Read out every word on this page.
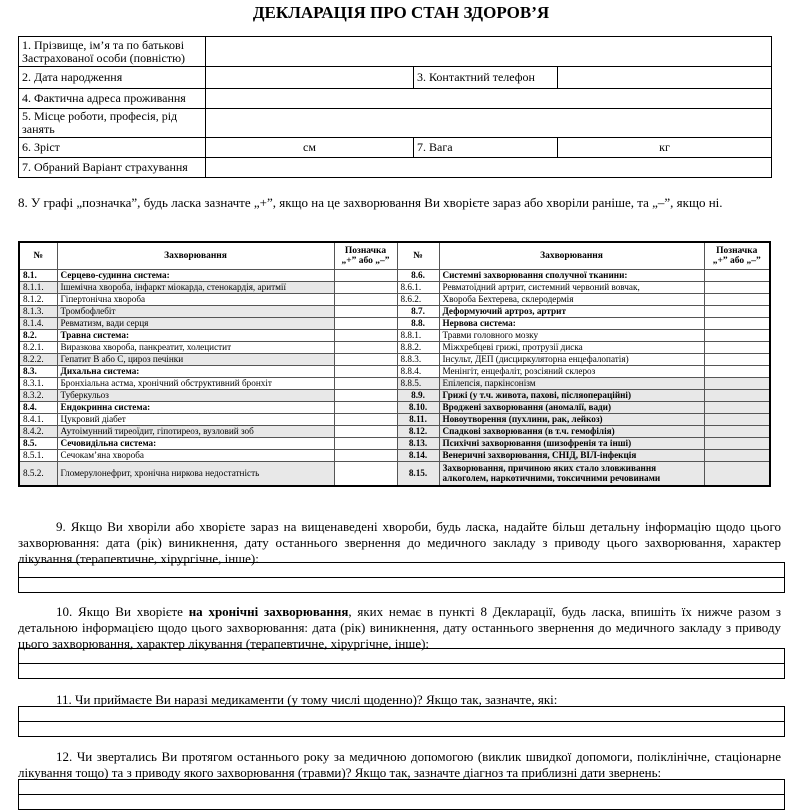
ДЕКЛАРАЦІЯ ПРО СТАН ЗДОРОВ’Я
1. Прізвище, ім’я та по батькові Застрахованої особи (повністю)			
2. Дата народження		3. Контактний телефон	
4. Фактична адреса проживання			
5. Місце роботи, професія, рід занять			
6. Зріст	см	7. Вага	кг
7. Обраний Варіант страхування			
8. У графі „позначка”, будь ласка зазначте „+”, якщо на це захворювання Ви хворієте зараз або хворіли раніше, та „–”, якщо ні.
№	Захворювання	Позначка „+” або „–”	№	Захворювання	Позначка „+” або „–”
8.1.	Серцево-судинна система:		8.6.	Системні захворювання сполучної тканини:	
8.1.1.	Ішемічна хвороба, інфаркт міокарда, стенокардія, аритмії		8.6.1.	Ревматоїдний артрит, системний червоний вовчак,	
8.1.2.	Гіпертонічна хвороба		8.6.2.	Хвороба Бехтерева, склеродермія	
8.1.3.	Тромбофлебіт		8.7.	Деформуючий артроз, артрит	
8.1.4.	Ревматизм, вади серця		8.8.	Нервова система:	
8.2.	Травна система:		8.8.1.	Травми головного мозку	
8.2.1.	Виразкова хвороба, панкреатит, холецистит		8.8.2.	Міжхребцеві грижі, протрузії диска	
8.2.2.	Гепатит В або С, цироз печінки		8.8.3.	Інсульт, ДЕП (дисциркуляторна енцефалопатія)	
8.3.	Дихальна система:		8.8.4.	Менінгіт, енцефаліт, розсіяний склероз	
8.3.1.	Бронхіальна астма, хронічний обструктивний бронхіт		8.8.5.	Епілепсія, паркінсонізм	
8.3.2.	Туберкульоз		8.9.	Грижі (у т.ч. живота, пахові, післяопераційні)	
8.4.	Ендокринна система:		8.10.	Вроджені захворювання (аномалії, вади)	
8.4.1.	Цукровий діабет		8.11.	Новоутворення (пухлини, рак, лейкоз)	
8.4.2.	Аутоімунний тиреоїдит, гіпотиреоз, вузловий зоб		8.12.	Спадкові захворювання (в т.ч. гемофілія)	
8.5.	Сечовидільна система:		8.13.	Психічні захворювання (шизофренія та інші)	
8.5.1.	Сечокам’яна хвороба		8.14.	Венеричні захворювання, СНІД, ВІЛ-інфекція	
8.5.2.	Гломерулонефрит, хронічна ниркова недостатність		8.15.	Захворювання, причиною яких стало зловживання алкоголем, наркотичними, токсичними речовинами	
9. Якщо Ви хворіли або хворієте зараз на вищенаведені хвороби, будь ласка, надайте більш детальну інформацію щодо цього захворювання: дата (рік) виникнення, дату останнього звернення до медичного закладу з приводу цього захворювання, характер лікування (терапевтичне, хірургічне, інше):
10. Якщо Ви хворієте на хронічні захворювання, яких немає в пункті 8 Декларації, будь ласка, впишіть їх нижче разом з детальною інформацією щодо цього захворювання: дата (рік) виникнення, дату останнього звернення до медичного закладу з приводу цього захворювання, характер лікування (терапевтичне, хірургічне, інше):
11. Чи приймаєте Ви наразі медикаменти (у тому числі щоденно)? Якщо так, зазначте, які:
12. Чи звертались Ви протягом останнього року за медичною допомогою (виклик швидкої допомоги, поліклінічне, стаціонарне лікування тощо) та з приводу якого захворювання (травми)? Якщо так, зазначте діагноз та приблизні дати звернень:
